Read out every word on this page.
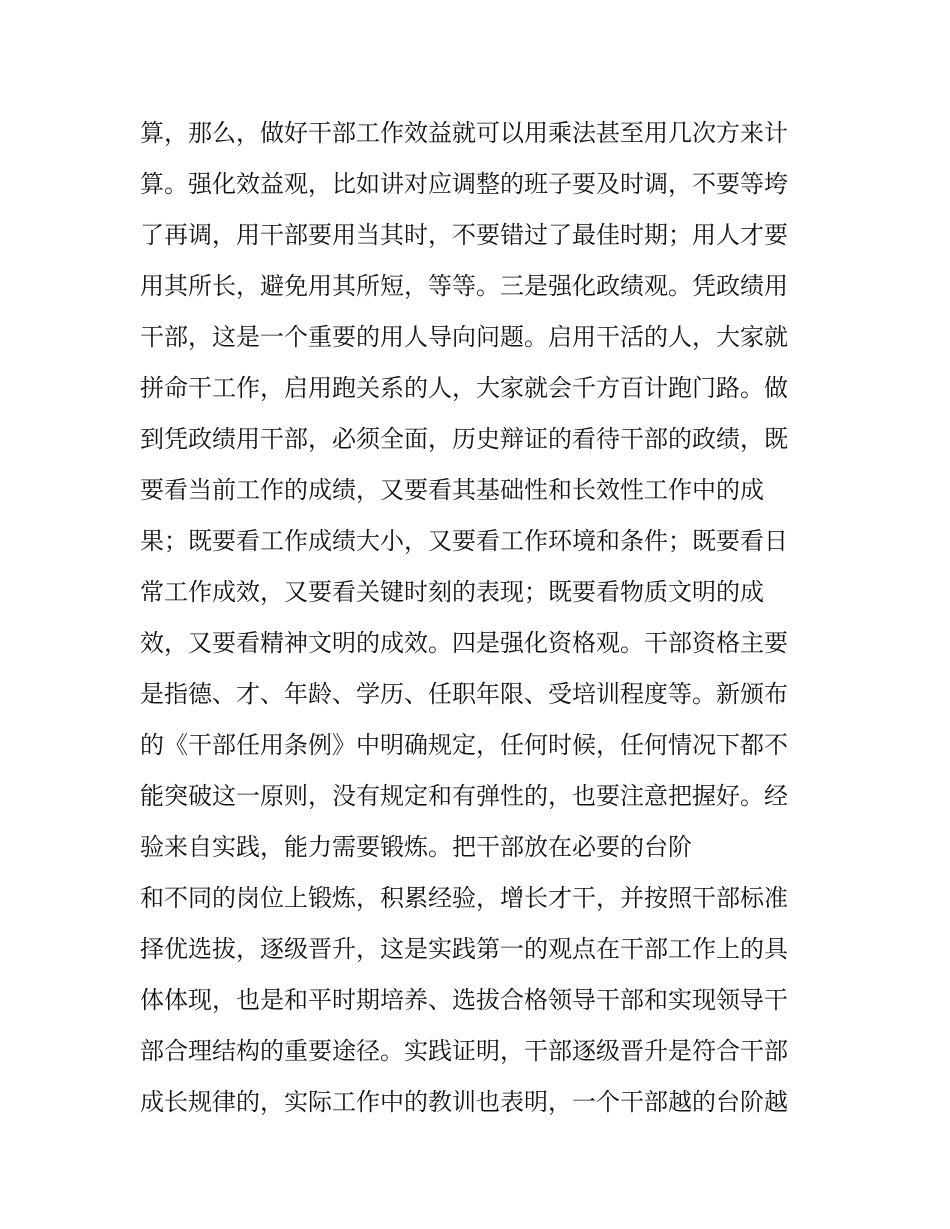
算，那么，做好干部工作效益就可以用乘法甚至用几次方来计
算。强化效益观，比如讲对应调整的班子要及时调，不要等垮
了再调，用干部要用当其时，不要错过了最佳时期；用人才要
用其所长，避免用其所短，等等。三是强化政绩观。凭政绩用
干部，这是一个重要的用人导向问题。启用干活的人，大家就
拼命干工作，启用跑关系的人，大家就会千方百计跑门路。做
到凭政绩用干部，必须全面，历史辩证的看待干部的政绩，既
要看当前工作的成绩，又要看其基础性和长效性工作中的成
果；既要看工作成绩大小，又要看工作环境和条件；既要看日
常工作成效，又要看关键时刻的表现；既要看物质文明的成
效，又要看精神文明的成效。四是强化资格观。干部资格主要
是指德、才、年龄、学历、任职年限、受培训程度等。新颁布
的《干部任用条例》中明确规定，任何时候，任何情况下都不
能突破这一原则，没有规定和有弹性的，也要注意把握好。经
验来自实践，能力需要锻炼。把干部放在必要的台阶
和不同的岗位上锻炼，积累经验，增长才干，并按照干部标准
择优选拔，逐级晋升，这是实践第一的观点在干部工作上的具
体体现，也是和平时期培养、选拔合格领导干部和实现领导干
部合理结构的重要途径。实践证明，干部逐级晋升是符合干部
成长规律的，实际工作中的教训也表明，一个干部越的台阶越
